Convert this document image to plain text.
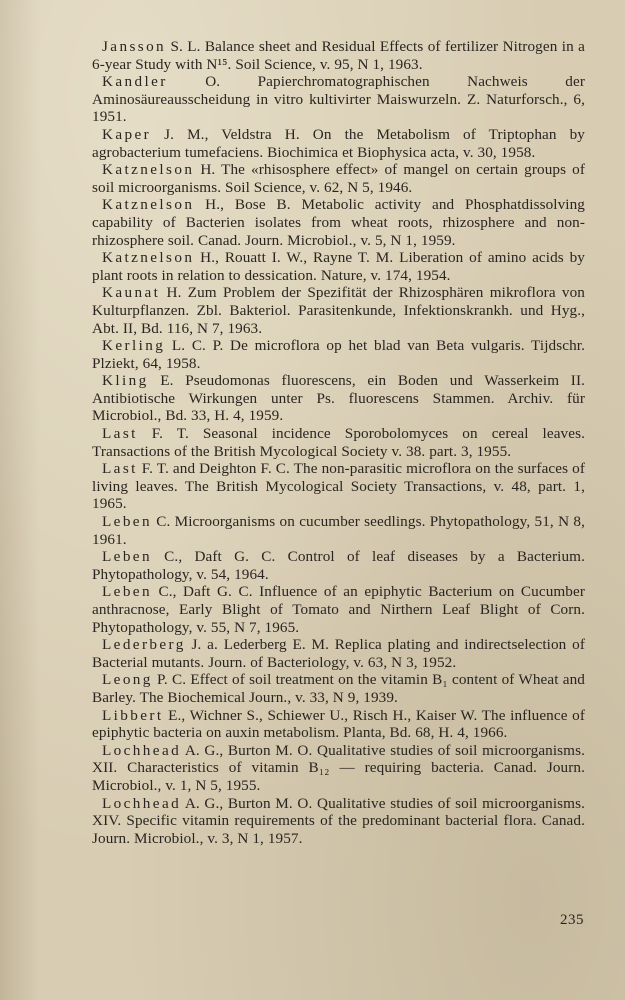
Jansson S. L. Balance sheet and Residual Effects of fertilizer Nitrogen in a 6-year Study with N¹⁵. Soil Science, v. 95, N 1, 1963.

Kandler O. Papierchromatographischen Nachweis der Aminosäureausscheidung in vitro kultivirter Maiswurzeln. Z. Naturforsch., 6, 1951.

Kaper J. M., Veldstra H. On the Metabolism of Triptophan by agrobacterium tumefaciens. Biochimica et Biophysica acta, v. 30, 1958.

Katznelson H. The «rhisosphere effect» of mangel on certain groups of soil microorganisms. Soil Science, v. 62, N 5, 1946.

Katznelson H., Bose B. Metabolic activity and Phosphatdissolving capability of Bacterien isolates from wheat roots, rhizosphere and non-rhizosphere soil. Canad. Journ. Microbiol., v. 5, N 1, 1959.

Katznelson H., Rouatt I. W., Rayne T. M. Liberation of amino acids by plant roots in relation to dessication. Nature, v. 174, 1954.

Kaunat H. Zum Problem der Spezifität der Rhizosphären mikroflora von Kulturpflanzen. Zbl. Bakteriol. Parasitenkunde, Infektionskrankh. und Hyg., Abt. II, Bd. 116, N 7, 1963.

Kerling L. C. P. De microflora op het blad van Beta vulgaris. Tijdschr. Plziekt, 64, 1958.

Kling E. Pseudomonas fluorescens, ein Boden und Wasserkeim II. Antibiotische Wirkungen unter Ps. fluorescens Stammen. Archiv. für Microbiol., Bd. 33, H. 4, 1959.

Last F. T. Seasonal incidence Sporobolomyces on cereal leaves. Transactions of the British Mycological Society v. 38. part. 3, 1955.

Last F. T. and Deighton F. C. The non-parasitic microflora on the surfaces of living leaves. The British Mycological Society Transactions, v. 48, part. 1, 1965.

Leben C. Microorganisms on cucumber seedlings. Phytopathology, 51, N 8, 1961.

Leben C., Daft G. C. Control of leaf diseases by a Bacterium. Phytopathology, v. 54, 1964.

Leben C., Daft G. C. Influence of an epiphytic Bacterium on Cucumber anthracnose, Early Blight of Tomato and Nirthern Leaf Blight of Corn. Phytopathology, v. 55, N 7, 1965.

Lederberg J. a. Lederberg E. M. Replica plating and indirectselection of Bacterial mutants. Journ. of Bacteriology, v. 63, N 3, 1952.

Leong P. C. Effect of soil treatment on the vitamin B₁ content of Wheat and Barley. The Biochemical Journ., v. 33, N 9, 1939.

Libbert E., Wichner S., Schiewer U., Risch H., Kaiser W. The influence of epiphytic bacteria on auxin metabolism. Planta, Bd. 68, H. 4, 1966.

Lochhead A. G., Burton M. O. Qualitative studies of soil microorganisms. XII. Characteristics of vitamin B₁₂ — requiring bacteria. Canad. Journ. Microbiol., v. 1, N 5, 1955.

Lochhead A. G., Burton M. O. Qualitative studies of soil microorganisms. XIV. Specific vitamin requirements of the predominant bacterial flora. Canad. Journ. Microbiol., v. 3, N 1, 1957.

235
